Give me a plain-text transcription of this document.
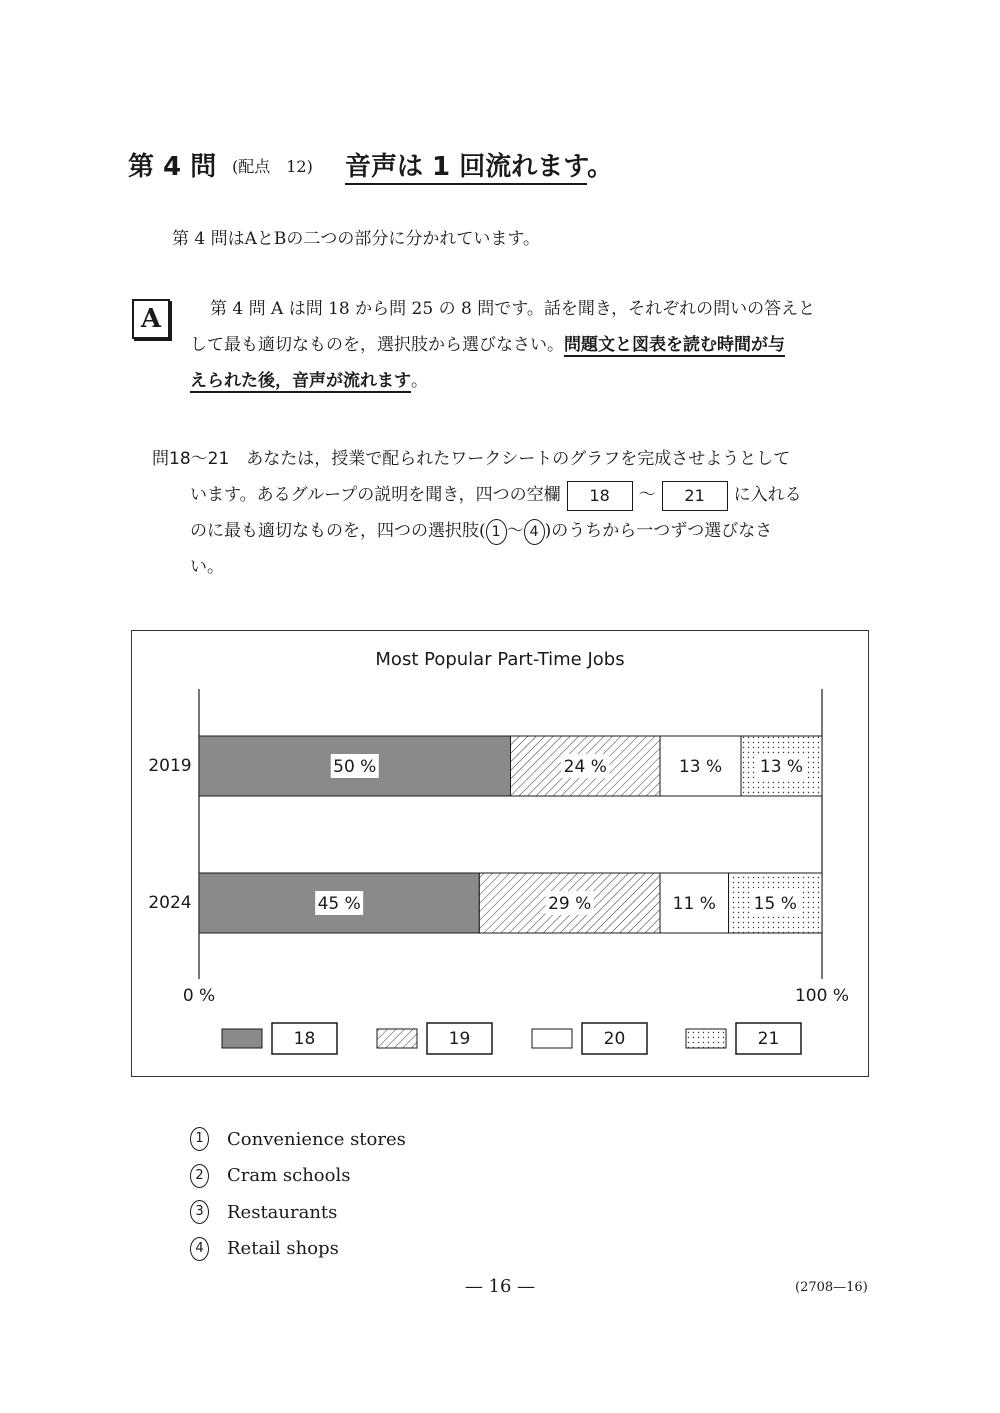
第 4 問 (配点　12) 音声は 1 回流れます。
第 4 問はAとBの二つの部分に分かれています。
A	第 4 問 A は問 18 から問 25 の 8 問です。話を聞き，それぞれの問いの答えと
して最も適切なものを，選択肢から選びなさい。問題文と図表を読む時間が与
えられた後，音声が流れます。
問18～21　 あなたは，授業で配られたワークシートのグラフを完成させようとして
います。あるグループの説明を聞き，四つの空欄 18 ～ 21 に入れる
のに最も適切なものを，四つの選択肢( 1 ～ 4 )のうちから一つずつ選びなさ
い。
Most Popular Part-Time Jobs
2019	50 %	24 %	13 % 13 %
2024	45 %	29 %	11 % 15 %
0 %	100 %
18	19	20	21
1 Convenience stores
2 Cram schools
3 Restaurants
4 Retail shops
— 16 —	(2708—16)
